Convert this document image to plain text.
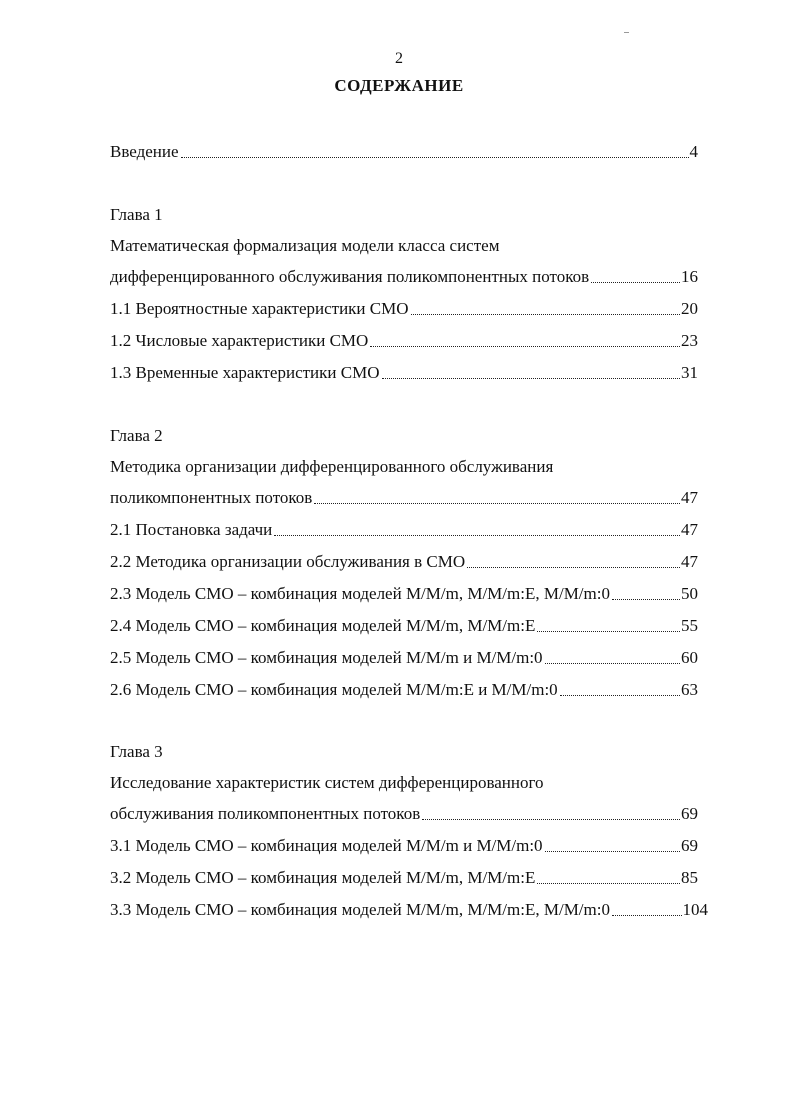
2
СОДЕРЖАНИЕ
Введение	4
Глава 1
Математическая формализация модели класса систем
дифференцированного обслуживания поликомпонентных потоков	16
1.1 Вероятностные характеристики СМО	20
1.2 Числовые характеристики СМО	23
1.3 Временные характеристики СМО	31
Глава 2
Методика организации дифференцированного обслуживания
поликомпонентных потоков	47
2.1 Постановка задачи	47
2.2 Методика организации обслуживания в СМО	47
2.3 Модель СМО – комбинация моделей M/M/m, M/M/m:E, M/M/m:0	50
2.4 Модель СМО – комбинация моделей M/M/m, M/M/m:E	55
2.5 Модель СМО – комбинация моделей M/M/m и M/M/m:0	60
2.6 Модель СМО – комбинация моделей M/M/m:E и M/M/m:0	63
Глава 3
Исследование характеристик систем дифференцированного
обслуживания поликомпонентных потоков	69
3.1 Модель СМО – комбинация моделей M/M/m и M/M/m:0	69
3.2 Модель СМО – комбинация моделей M/M/m, M/M/m:E	85
3.3 Модель СМО – комбинация моделей M/M/m, M/M/m:E, M/M/m:0	104
